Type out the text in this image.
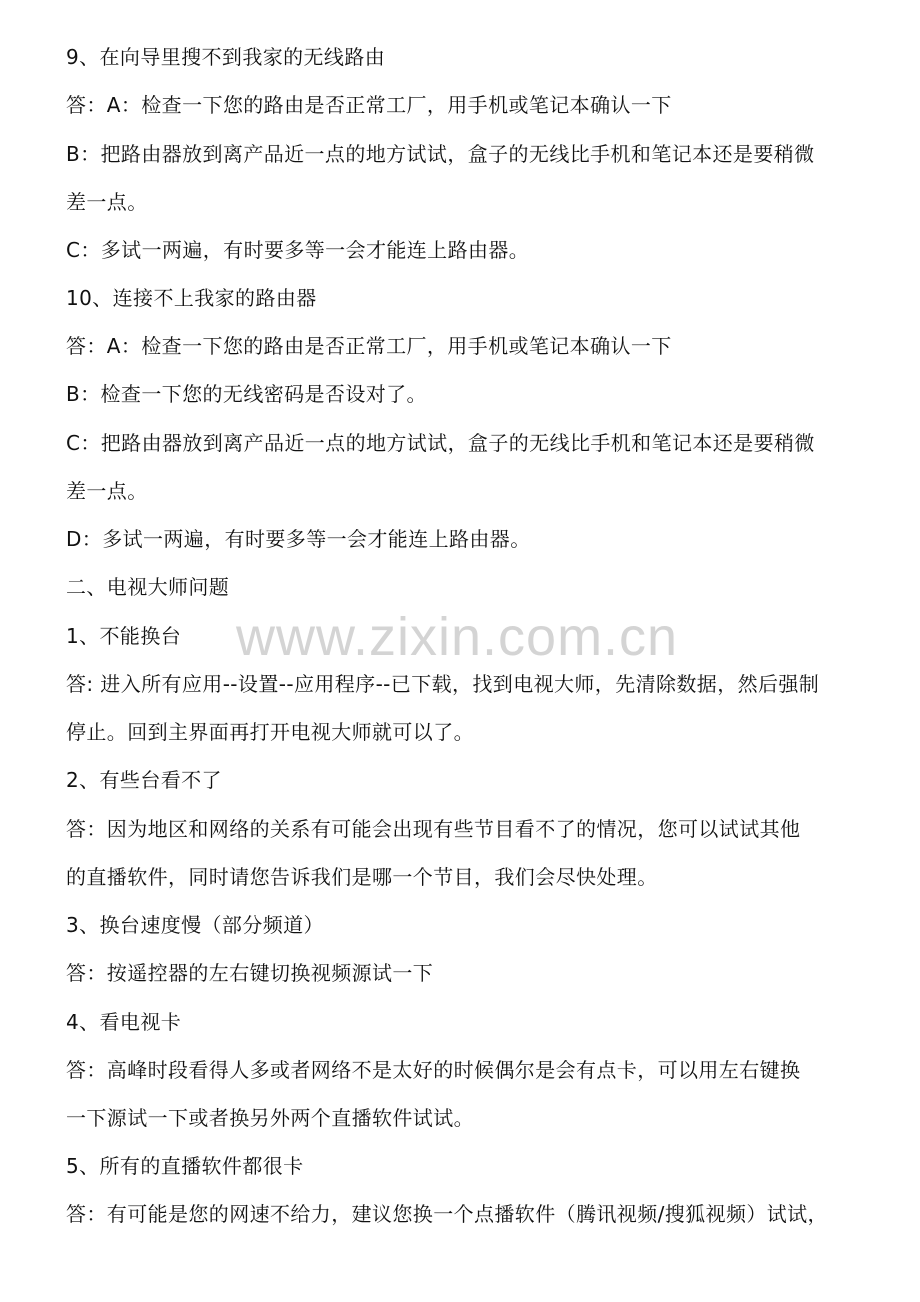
www.zixin.com.cn
9、在向导里搜不到我家的无线路由
答：A：检查一下您的路由是否正常工厂，用手机或笔记本确认一下
B：把路由器放到离产品近一点的地方试试，盒子的无线比手机和笔记本还是要稍微
差一点。
C：多试一两遍，有时要多等一会才能连上路由器。
10、连接不上我家的路由器
答：A：检查一下您的路由是否正常工厂，用手机或笔记本确认一下
B：检查一下您的无线密码是否设对了。
C：把路由器放到离产品近一点的地方试试，盒子的无线比手机和笔记本还是要稍微
差一点。
D：多试一两遍，有时要多等一会才能连上路由器。
二、电视大师问题
1、不能换台
答: 进入所有应用--设置--应用程序--已下载，找到电视大师，先清除数据，然后强制
停止。回到主界面再打开电视大师就可以了。
2、有些台看不了
答：因为地区和网络的关系有可能会出现有些节目看不了的情况，您可以试试其他
的直播软件，同时请您告诉我们是哪一个节目，我们会尽快处理。
3、换台速度慢（部分频道）
答：按遥控器的左右键切换视频源试一下
4、看电视卡
答：高峰时段看得人多或者网络不是太好的时候偶尔是会有点卡，可以用左右键换
一下源试一下或者换另外两个直播软件试试。
5、所有的直播软件都很卡
答：有可能是您的网速不给力，建议您换一个点播软件（腾讯视频/搜狐视频）试试，
